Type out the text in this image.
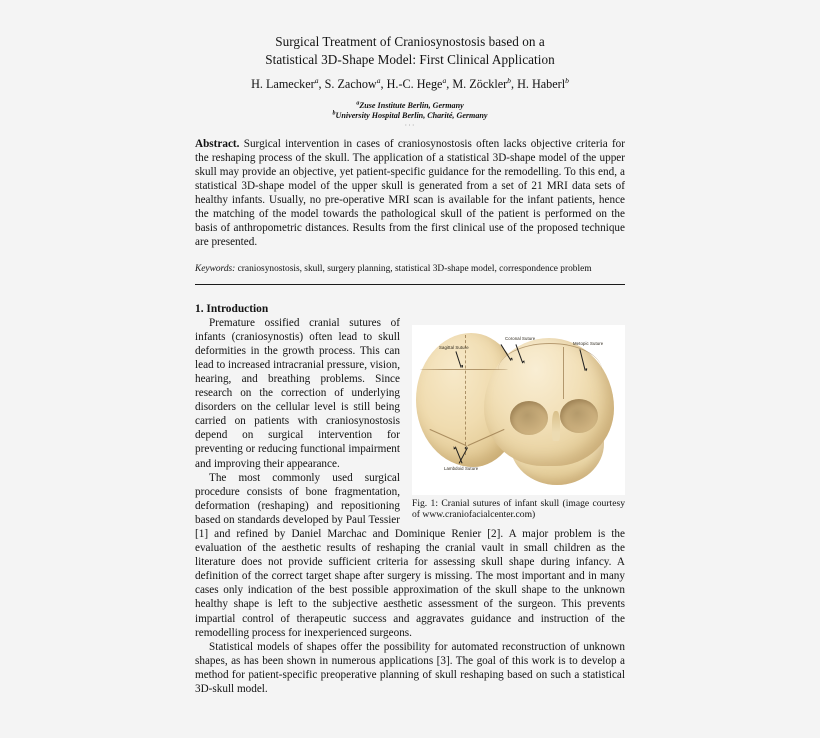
Surgical Treatment of Craniosynostosis based on a
Statistical 3D-Shape Model: First Clinical Application
H. Lamecker$^a$, S. Zachow$^a$, H.-C. Hege$^a$, M. Zöckler$^b$, H. Haberl$^b$
$^a$Zuse Institute Berlin, Germany
$^b$University Hospital Berlin, Charité, Germany
···
Abstract. Surgical intervention in cases of craniosynostosis often lacks objective criteria for the reshaping process of the skull. The application of a statistical 3D-shape model of the upper skull may provide an objective, yet patient-specific guidance for the remodelling. To this end, a statistical 3D-shape model of the upper skull is generated from a set of 21 MRI data sets of healthy infants. Usually, no pre-operative MRI scan is available for the infant patients, hence the matching of the model towards the pathological skull of the patient is performed on the basis of anthropometric distances. Results from the first clinical use of the proposed technique are presented.
Keywords: craniosynostosis, skull, surgery planning, statistical 3D-shape model, correspondence problem
1. Introduction
Sagittal Suture
Coronal Suture
Metopic Suture
Lambdoid Suture
Fig. 1: Cranial sutures of infant skull (image courtesy of www.craniofacialcenter.com)

Premature ossified cranial sutures of infants (craniosynostis) often lead to skull deformities in the growth process. This can lead to increased intracranial pressure, vision, hearing, and breathing problems. Since research on the correction of underlying disorders on the cellular level is still being carried on patients with craniosynostosis depend on surgical intervention for preventing or reducing functional impairment and improving their appearance.

The most commonly used surgical procedure consists of bone fragmentation, deformation (reshaping) and repositioning based on standards developed by Paul Tessier [1] and refined by Daniel Marchac and Dominique Renier [2]. A major problem is the evaluation of the aesthetic results of reshaping the cranial vault in small children as the literature does not provide sufficient criteria for assessing skull shape during infancy. A definition of the correct target shape after surgery is missing. The most important and in many cases only indication of the best possible approximation of the skull shape to the unknown healthy shape is left to the subjective aesthetic assessment of the surgeon. This prevents impartial control of therapeutic success and aggravates guidance and instruction of the remodelling process for inexperienced surgeons.

Statistical models of shapes offer the possibility for automated reconstruction of unknown shapes, as has been shown in numerous applications [3]. The goal of this work is to develop a method for patient-specific preoperative planning of skull reshaping based on such a statistical 3D-skull model.
